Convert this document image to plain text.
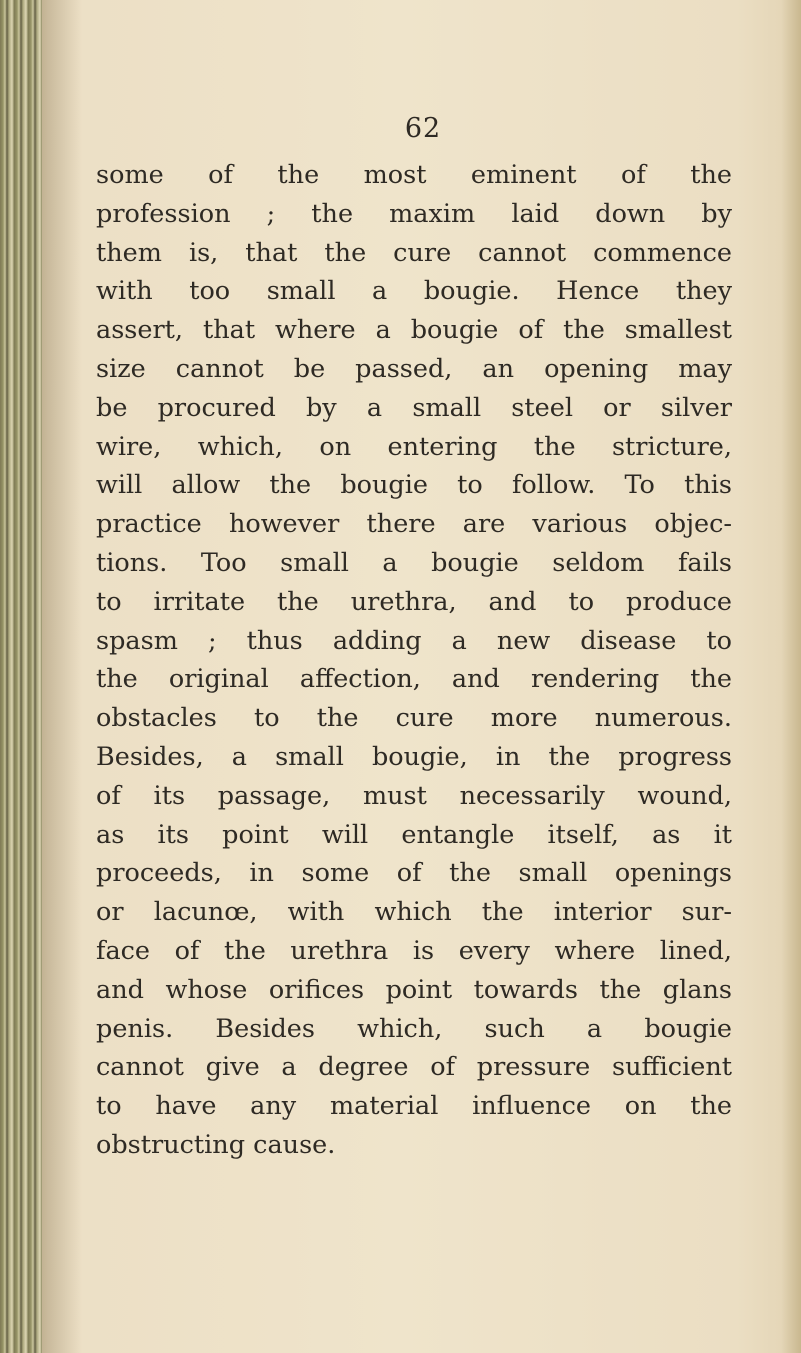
62
some of the most eminent of the
profession ; the maxim laid down by
them is, that the cure cannot commence
with too small a bougie. Hence they
assert, that where a bougie of the smallest
size cannot be passed, an opening may
be procured by a small steel or silver
wire, which, on entering the stricture,
will allow the bougie to follow. To this
practice however there are various objec-
tions. Too small a bougie seldom fails
to irritate the urethra, and to produce
spasm ; thus adding a new disease to
the original affection, and rendering the
obstacles to the cure more numerous.
Besides, a small bougie, in the progress
of its passage, must necessarily wound,
as its point will entangle itself, as it
proceeds, in some of the small openings
or lacunœ, with which the interior sur-
face of the urethra is every where lined,
and whose orifices point towards the glans
penis. Besides which, such a bougie
cannot give a degree of pressure sufficient
to have any material influence on the
obstructing cause.
